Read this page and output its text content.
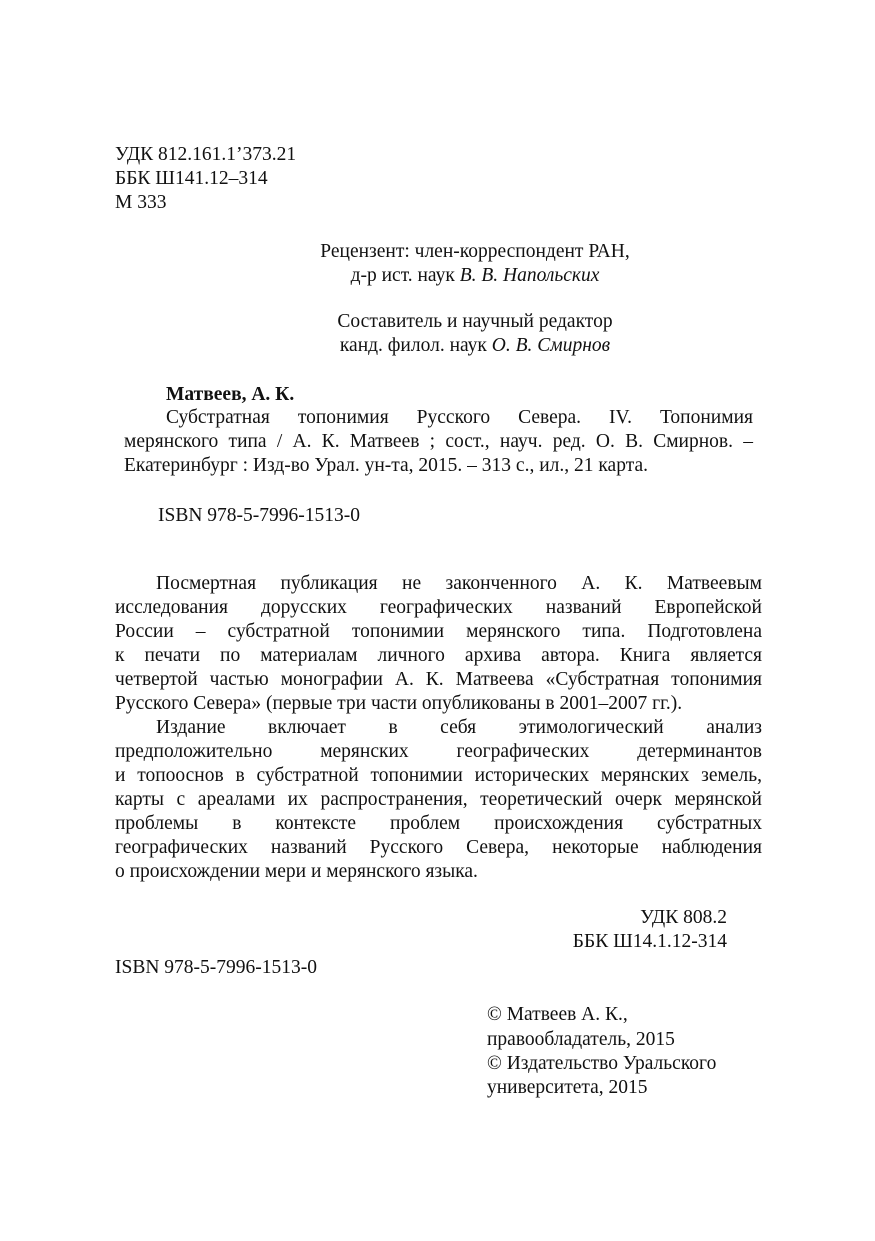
УДК 812.161.1’373.21
ББК Ш141.12–314
М 333
Рецензент: член-корреспондент РАН,
д-р ист. наук В. В. Напольских
Составитель и научный редактор
канд. филол. наук О. В. Смирнов
Матвеев, А. К.
Субстратная топонимия Русского Севера. IV. Топонимия
мерянского типа / А. К. Матвеев ; сост., науч. ред. О. В. Смирнов. –
Екатеринбург : Изд-во Урал. ун-та, 2015. – 313 с., ил., 21 карта.
ISBN 978-5-7996-1513-0
Посмертная публикация не законченного А. К. Матвеевым
исследования дорусских географических названий Европейской
России – субстратной топонимии мерянского типа. Подготовлена
к печати по материалам личного архива автора. Книга является
четвертой частью монографии А. К. Матвеева «Субстратная топонимия
Русского Севера» (первые три части опубликованы в 2001–2007 гг.).
Издание включает в себя этимологический анализ
предположительно мерянских географических детерминантов
и топооснов в субстратной топонимии исторических мерянских земель,
карты с ареалами их распространения, теоретический очерк мерянской
проблемы в контексте проблем происхождения субстратных
географических названий Русского Севера, некоторые наблюдения
о происхождении мери и мерянского языка.
УДК 808.2
ББК Ш14.1.12-314
ISBN 978-5-7996-1513-0
© Матвеев А. К.,
правообладатель, 2015
© Издательство Уральского
университета, 2015
